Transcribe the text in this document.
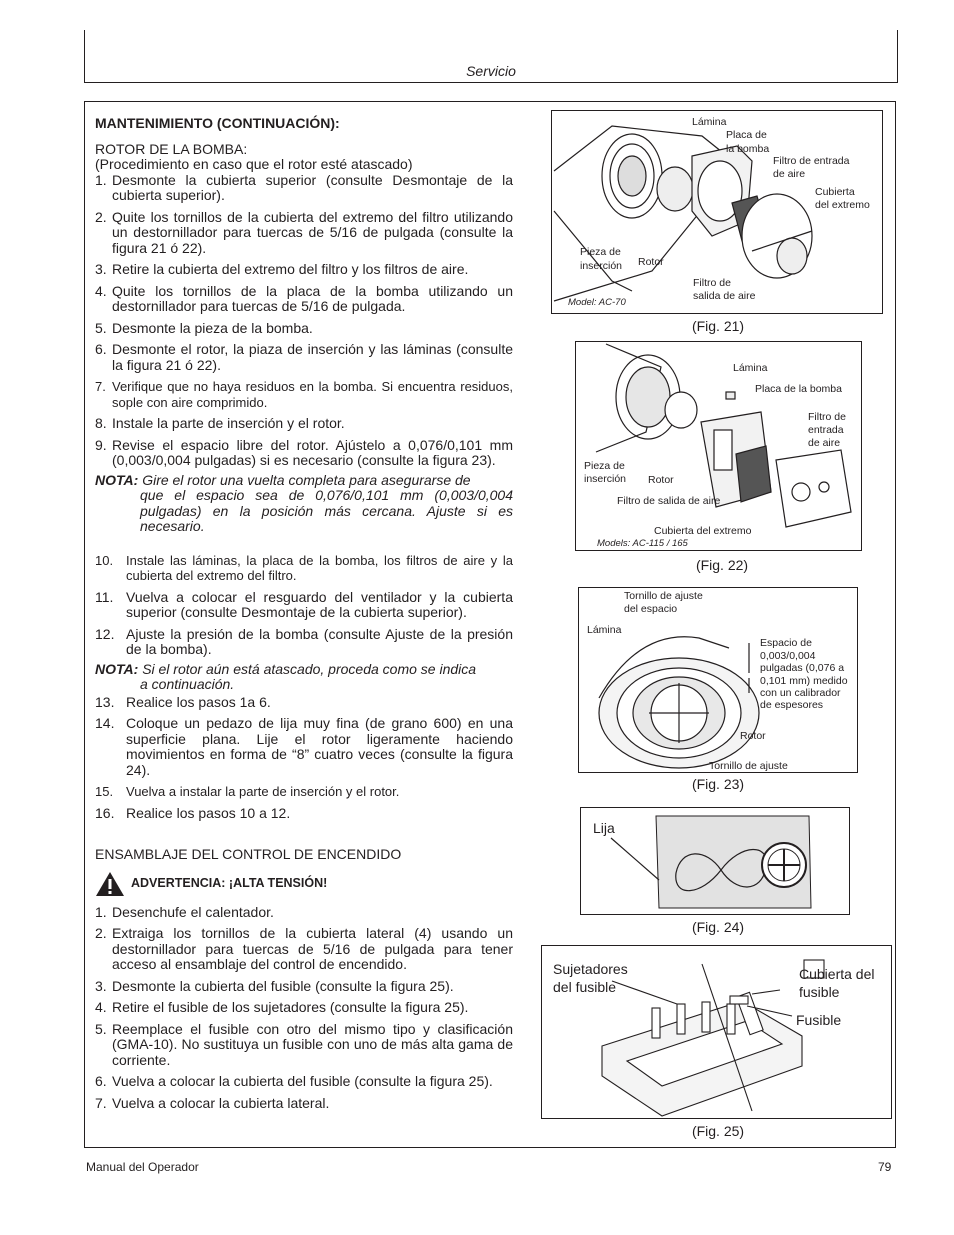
Servicio

MANTENIMIENTO (CONTINUACIÓN):

ROTOR DE LA BOMBA:

(Procedimiento en caso que el rotor esté atascado)

1. Desmonte la cubierta superior (consulte Desmontaje de la cubierta superior).
2. Quite los tornillos de la cubierta del extremo del filtro utilizando un destornillador para tuercas de 5/16 de pulgada (consulte la figura 21 ó 22).
3. Retire la cubierta del extremo del filtro y los filtros de aire.
4. Quite los tornillos de la placa de la bomba utilizando un destornillador para tuercas de 5/16 de pulgada.
5. Desmonte la pieza de la bomba.
6. Desmonte el rotor, la piaza de inserción y las láminas (consulte la figura 21 ó 22).
7. Verifique que no haya residuos en la bomba. Si encuentra residuos, sople con aire comprimido.
8. Instale la parte de inserción y el rotor.
9. Revise el espacio libre del rotor. Ajústelo a 0,076/0,101 mm (0,003/0,004 pulgadas) si es necesario (consulte la figura 23).

NOTA: Gire el rotor una vuelta completa para asegurarse de
que el espacio sea de 0,076/0,101 mm (0,003/0,004 pulgadas) en la posición más cercana. Ajuste si es necesario.

10. Instale las láminas, la placa de la bomba, los filtros de aire y la cubierta del extremo del filtro.
11. Vuelva a colocar el resguardo del ventilador y la cubierta superior (consulte Desmontaje de la cubierta superior).
12. Ajuste la presión de la bomba (consulte Ajuste de la presión de la bomba).

NOTA: Si el rotor aún está atascado, proceda como se indica
a continuación.

13. Realice los pasos 1a 6.
14. Coloque un pedazo de lija muy fina (de grano 600) en una superficie plana. Lije el rotor ligeramente haciendo movimientos en forma de “8” cuatro veces (consulte la figura 24).
15. Vuelva a instalar la parte de inserción y el rotor.
16. Realice los pasos 10 a 12.

ENSAMBLAJE DEL CONTROL DE ENCENDIDO

ADVERTENCIA: ¡ALTA TENSIÓN!
1. Desenchufe el calentador.
2. Extraiga los tornillos de la cubierta lateral (4) usando un destornillador para tuercas de 5/16 de pulgada para tener acceso al ensamblaje del control de encendido.
3. Desmonte la cubierta del fusible (consulte la figura 25).
4. Retire el fusible de los sujetadores (consulte la figura 25).
5. Reemplace el fusible con otro del mismo tipo y clasificación (GMA-10). No sustituya un fusible con uno de más alta gama de corriente.
6. Vuelva a colocar la cubierta del fusible (consulte la figura 25).
7. Vuelva a colocar la cubierta lateral.
Lámina
Placa de
la bomba
Filtro de entrada
de aire
Cubierta
del extremo
Pieza de
inserción Rotor
Filtro de
salida de aire
Model: AC-70
(Fig. 21)
Lámina
Placa de la bomba
Filtro de
entrada
de aire
Pieza de
inserción Rotor
Filtro de salida de aire
Cubierta del extremo
Models: AC-115 / 165
(Fig. 22)
Tornillo de ajuste
del espacio
Lámina
Espacio de
0,003/0,004
pulgadas (0,076 a
0,101 mm) medido
con un calibrador
de espesores
Rotor
Tornillo de ajuste
(Fig. 23)
Lija
(Fig. 24)
Sujetadores
del fusible
Cubierta del
fusible
Fusible
(Fig. 25)
Manual del Operador	79
